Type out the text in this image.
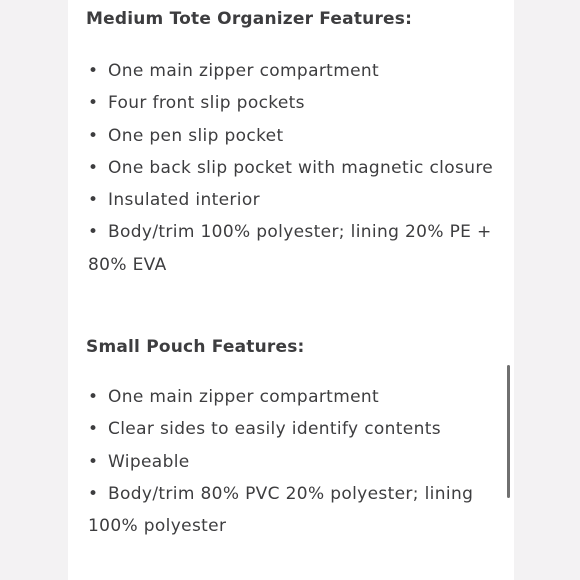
Medium Tote Organizer Features:
• One main zipper compartment
• Four front slip pockets
• One pen slip pocket
• One back slip pocket with magnetic closure
• Insulated interior
• Body/trim 100% polyester; lining 20% PE + 80% EVA
Small Pouch Features:
• One main zipper compartment
• Clear sides to easily identify contents
• Wipeable
• Body/trim 80% PVC 20% polyester; lining 100% polyester
